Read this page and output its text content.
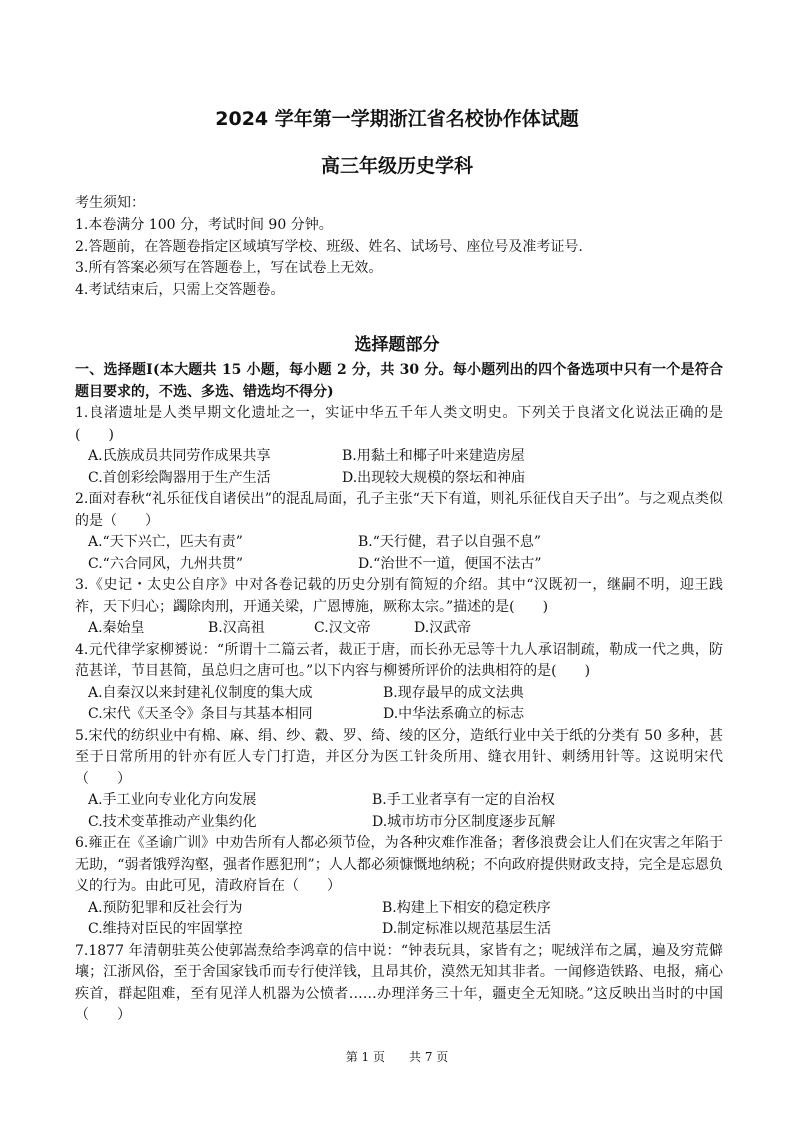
2024 学年第一学期浙江省名校协作体试题
高三年级历史学科
考生须知：
1.本卷满分 100 分，考试时间 90 分钟。
2.答题前，在答题卷指定区域填写学校、班级、姓名、试场号、座位号及准考证号.
3.所有答案必须写在答题卷上，写在试卷上无效。
4.考试结束后，只需上交答题卷。
选择题部分
一、选择题Ⅰ(本大题共 15 小题，每小题 2 分，共 30 分。每小题列出的四个备选项中只有一个是符合题目要求的，不选、多选、错选均不得分)
1.良渚遗址是人类早期文化遗址之一，实证中华五千年人类文明史。下列关于良渚文化说法正确的是(　　)
A.氏族成员共同劳作成果共享	B.用黏土和椰子叶来建造房屋
C.首创彩绘陶器用于生产生活	D.出现较大规模的祭坛和神庙
2.面对春秋“礼乐征伐自诸侯出”的混乱局面，孔子主张“天下有道，则礼乐征伐自天子出”。与之观点类似的是（　　）
A.“天下兴亡，匹夫有责”	B.“天行健，君子以自强不息”
C.“六合同风，九州共贯”	D.“治世不一道，便国不法古”
3.《史记・太史公自序》中对各卷记载的历史分别有简短的介绍。其中“汉既初一，继嗣不明，迎王践祚，天下归心；蠲除肉刑，开通关梁，广恩博施，厥称太宗。”描述的是(　　)
A.秦始皇	B.汉高祖	C.汉文帝	D.汉武帝
4.元代律学家柳赟说：“所谓十二篇云者，裁正于唐，而长孙无忌等十九人承诏制疏，勒成一代之典，防范甚详，节目甚简，虽总归之唐可也。”以下内容与柳赟所评价的法典相符的是(　　)
A.自秦汉以来封建礼仪制度的集大成	B.现存最早的成文法典
C.宋代《天圣令》条目与其基本相同	D.中华法系确立的标志
5.宋代的纺织业中有棉、麻、绢、纱、縠、罗、绮、绫的区分，造纸行业中关于纸的分类有 50 多种，甚至于日常所用的针亦有匠人专门打造，并区分为医工针灸所用、缝衣用针、刺绣用针等。这说明宋代（　　）
A.手工业向专业化方向发展	B.手工业者享有一定的自治权
C.技术变革推动产业集约化	D.城市坊市分区制度逐步瓦解
6.雍正在《圣谕广训》中劝告所有人都必须节俭，为各种灾难作准备；奢侈浪费会让人们在灾害之年陷于无助，“弱者饿殍沟壑，强者作慝犯刑”；人人都必须慷慨地纳税；不向政府提供财政支持，完全是忘恩负义的行为。由此可见，清政府旨在（　　）
A.预防犯罪和反社会行为	B.构建上下相安的稳定秩序
C.维持对臣民的牢固掌控	D.制定标准以规范基层生活
7.1877 年清朝驻英公使郭嵩焘给李鸿章的信中说：“钟表玩具，家皆有之；呢绒洋布之属，遍及穷荒僻壤；江浙风俗，至于舍国家钱币而专行使洋钱，且昂其价，漠然无知其非者。一闻修造铁路、电报，痛心疾首，群起阻难，至有见洋人机器为公愤者……办理洋务三十年，疆吏全无知晓。”这反映出当时的中国（　　）
第 1 页　　共 7 页
